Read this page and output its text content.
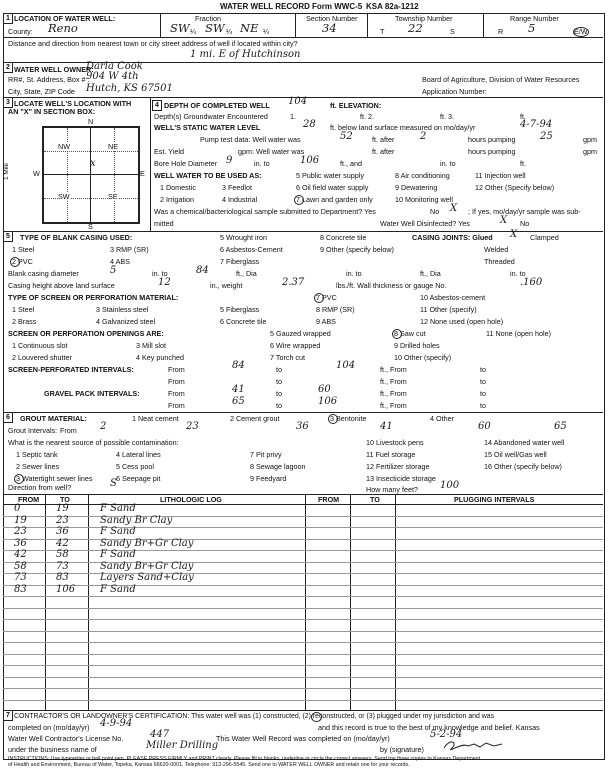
WATER WELL RECORD Form WWC-5 KSA 82a-1212
1 LOCATION OF WATER WELL:
County: Reno
Fraction
SW ¼ SW ¼ NE ¼
Section Number
34
Township Number
T 22	S
Range Number
R 5	E/W
Distance and direction from nearest town or city street address of well if located within city?
1 mi. E of Hutchinson
2 WATER WELL OWNER:
Darla Cook
RR#, St. Address, Box # :
904 W 4th
City, State, ZIP Code Hutch, KS 67501
Board of Agriculture, Division of Water Resources
Application Number:
3 LOCATE WELL'S LOCATION WITH
AN "X" IN SECTION BOX:
N
S
W	E
NW	NE
SW	SE
x
1 Mile
4 DEPTH OF COMPLETED WELL 104	ft. ELEVATION:
Depth(s) Groundwater Encountered	1.	ft. 2.	ft. 3.	ft.
WELL'S STATIC WATER LEVEL	28 ft. below land surface measured on mo/day/yr	4-7-94
Pump test data: Well water was	52	ft. after	2	hours pumping 25	gpm
Est. Yield	gpm: Well water was	ft. after	hours pumping	gpm
Bore Hole Diameter 9	in. to	106	ft., and	in. to	ft.
WELL WATER TO BE USED AS:
1 Domestic	3 Feedlot
5 Public water supply	8 Air conditioning	11 Injection well
2 Irrigation	4 Industrial
6 Oil field water supply	9 Dewatering	12 Other (Specify below)
7 Lawn and garden only	10 Monitoring well
Was a chemical/bacteriological sample submitted to Department? Yes	No X ; If yes, mo/day/yr sample was sub-
mitted	Water Well Disinfected? Yes	X No
5	TYPE OF BLANK CASING USED:
1 Steel	3 RMP (SR)
5 Wrought iron	8 Concrete tile
2 PVC	4 ABS
6 Asbestos-Cement	9 Other (specify below)
7 Fiberglass
CASING JOINTS: Glued X Clamped
Welded
Threaded
Blank casing diameter	5	in. to	84	ft., Dia	in. to	ft., Dia	in. to
Casing height above land surface	12	in., weight	2.37	lbs./ft. Wall thickness or gauge No.	.160
TYPE OF SCREEN OR PERFORATION MATERIAL:
1 Steel	3 Stainless steel	5 Fiberglass
7 PVC	10 Asbestos-cement
2 Brass	4 Galvanized steel	6 Concrete tile
8 RMP (SR)	11 Other (specify)
9 ABS	12 None used (open hole)
SCREEN OR PERFORATION OPENINGS ARE:	5 Gauzed wrapped	8 Saw cut	11 None (open hole)
1 Continuous slot	3 Mill slot	6 Wire wrapped	9 Drilled holes
2 Louvered shutter	4 Key punched	7 Torch cut	10 Other (specify)
SCREEN-PERFORATED INTERVALS:	From	84	to	104	ft., From	to
From	to	ft., From	to
GRAVEL PACK INTERVALS:	From	41	to	60	ft., From	to
From	65	to	106	ft., From	to
6	GROUT MATERIAL:	1 Neat cement	2 Cement grout	3 Bentonite	4 Other
Grout Intervals: From 2	23	36	41	60	65
What is the nearest source of possible contamination:
1 Septic tank	4 Lateral lines	7 Pit privy
10 Livestock pens	14 Abandoned water well
2 Sewer lines	5 Cess pool	8 Sewage lagoon
11 Fuel storage	15 Oil well/Gas well
3 Watertight sewer lines	6 Seepage pit	9 Feedyard
12 Fertilizer storage	16 Other (specify below)
13 Insecticide storage
Direction from well?	S
How many feet? 100
FROM	TO	LITHOLOGIC LOG	FROM	TO	PLUGGING INTERVALS
0	19	F Sand
19	23	Sandy Br Clay
23	36	F Sand
36	42	Sandy Br+Gr Clay
42	58	F Sand
58	73	Sandy Br+Gr Clay
73	83	Layers Sand+Clay
83	106 F Sand
7 CONTRACTOR'S OR LANDOWNER'S CERTIFICATION: This water well was (1) constructed, (2) reconstructed, or (3) plugged under my jurisdiction and was
completed on (mo/day/yr) 4-9-94	and this record is true to the best of my knowledge and belief. Kansas
Water Well Contractor's License No.	447	This Water Well Record was completed on (mo/day/yr)	5-2-94
under the business name of	Miller Drilling	by (signature)
INSTRUCTIONS: Use typewriter or ball point pen. PLEASE PRESS FIRMLY and PRINT clearly. Please fill in blanks, underline or circle the correct answers. Send top three copies to Kansas Department
of Health and Environment, Bureau of Water, Topeka, Kansas 66620-0001. Telephone: 913-296-5545. Send one to WATER WELL OWNER and retain one for your records.
